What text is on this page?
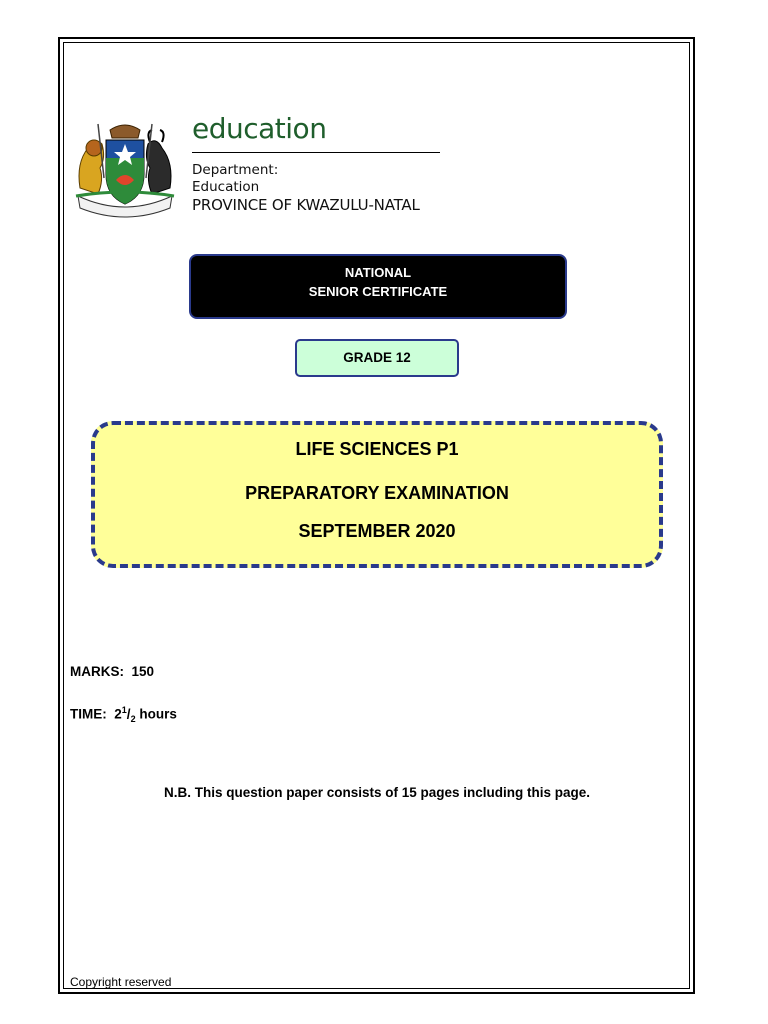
education
Department:
Education
PROVINCE OF KWAZULU-NATAL
NATIONAL
SENIOR CERTIFICATE
GRADE 12
LIFE SCIENCES P1
PREPARATORY EXAMINATION
SEPTEMBER 2020
MARKS: 150
TIME: $2^1/_2$ hours
N.B. This question paper consists of 15 pages including this page.
Copyright reserved
